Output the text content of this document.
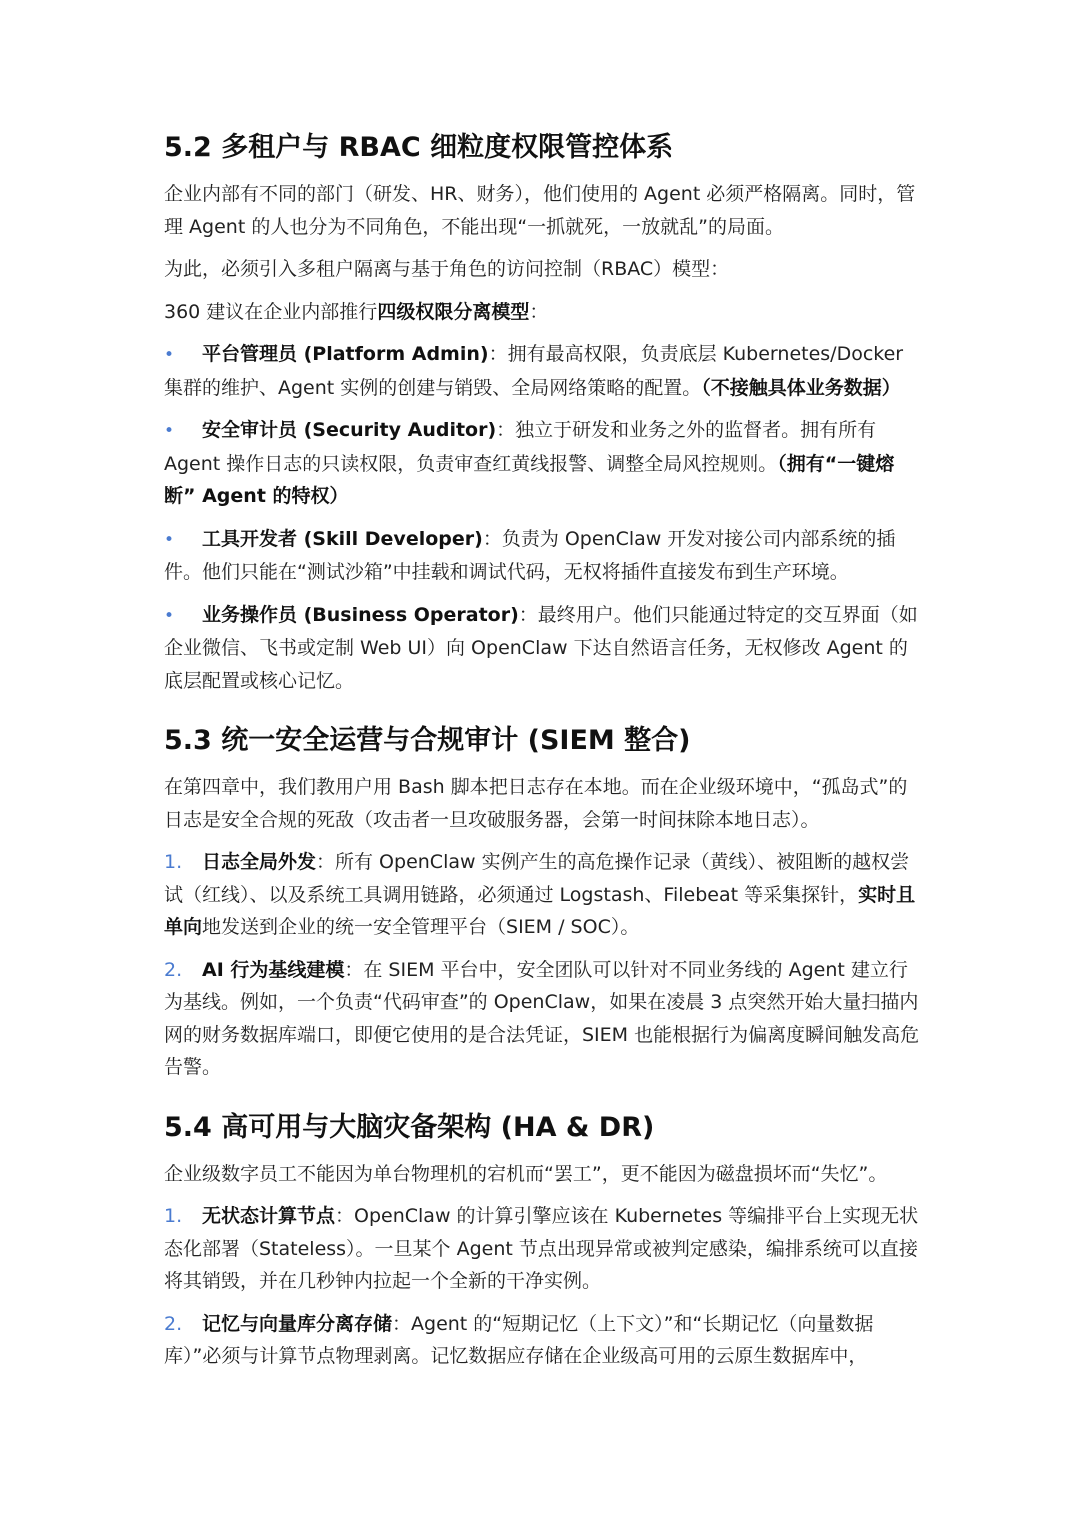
5.2 多租户与 RBAC 细粒度权限管控体系

企业内部有不同的部门（研发、HR、财务），他们使用的 Agent 必须严格隔离。同时，管理 Agent 的人也分为不同角色，不能出现“一抓就死，一放就乱”的局面。

为此，必须引入多租户隔离与基于角色的访问控制（RBAC）模型：

360 建议在企业内部推行四级权限分离模型：

• 平台管理员 (Platform Admin)：拥有最高权限，负责底层 Kubernetes/Docker 集群的维护、Agent 实例的创建与销毁、全局网络策略的配置。（不接触具体业务数据）
• 安全审计员 (Security Auditor)：独立于研发和业务之外的监督者。拥有所有 Agent 操作日志的只读权限，负责审查红黄线报警、调整全局风控规则。（拥有“一键熔断” Agent 的特权）
• 工具开发者 (Skill Developer)：负责为 OpenClaw 开发对接公司内部系统的插件。他们只能在“测试沙箱”中挂载和调试代码，无权将插件直接发布到生产环境。
• 业务操作员 (Business Operator)：最终用户。他们只能通过特定的交互界面（如企业微信、飞书或定制 Web UI）向 OpenClaw 下达自然语言任务，无权修改 Agent 的底层配置或核心记忆。
5.3 统一安全运营与合规审计 (SIEM 整合)

在第四章中，我们教用户用 Bash 脚本把日志存在本地。而在企业级环境中，“孤岛式”的日志是安全合规的死敌（攻击者一旦攻破服务器，会第一时间抹除本地日志）。

1. 日志全局外发：所有 OpenClaw 实例产生的高危操作记录（黄线）、被阻断的越权尝试（红线）、以及系统工具调用链路，必须通过 Logstash、Filebeat 等采集探针，实时且单向地发送到企业的统一安全管理平台（SIEM / SOC）。
2. AI 行为基线建模：在 SIEM 平台中，安全团队可以针对不同业务线的 Agent 建立行为基线。例如，一个负责“代码审查”的 OpenClaw，如果在凌晨 3 点突然开始大量扫描内网的财务数据库端口，即便它使用的是合法凭证，SIEM 也能根据行为偏离度瞬间触发高危告警。
5.4 高可用与大脑灾备架构 (HA & DR)

企业级数字员工不能因为单台物理机的宕机而“罢工”，更不能因为磁盘损坏而“失忆”。

1. 无状态计算节点：OpenClaw 的计算引擎应该在 Kubernetes 等编排平台上实现无状态化部署（Stateless）。一旦某个 Agent 节点出现异常或被判定感染，编排系统可以直接将其销毁，并在几秒钟内拉起一个全新的干净实例。
2. 记忆与向量库分离存储：Agent 的“短期记忆（上下文）”和“长期记忆（向量数据库）”必须与计算节点物理剥离。记忆数据应存储在企业级高可用的云原生数据库中，
